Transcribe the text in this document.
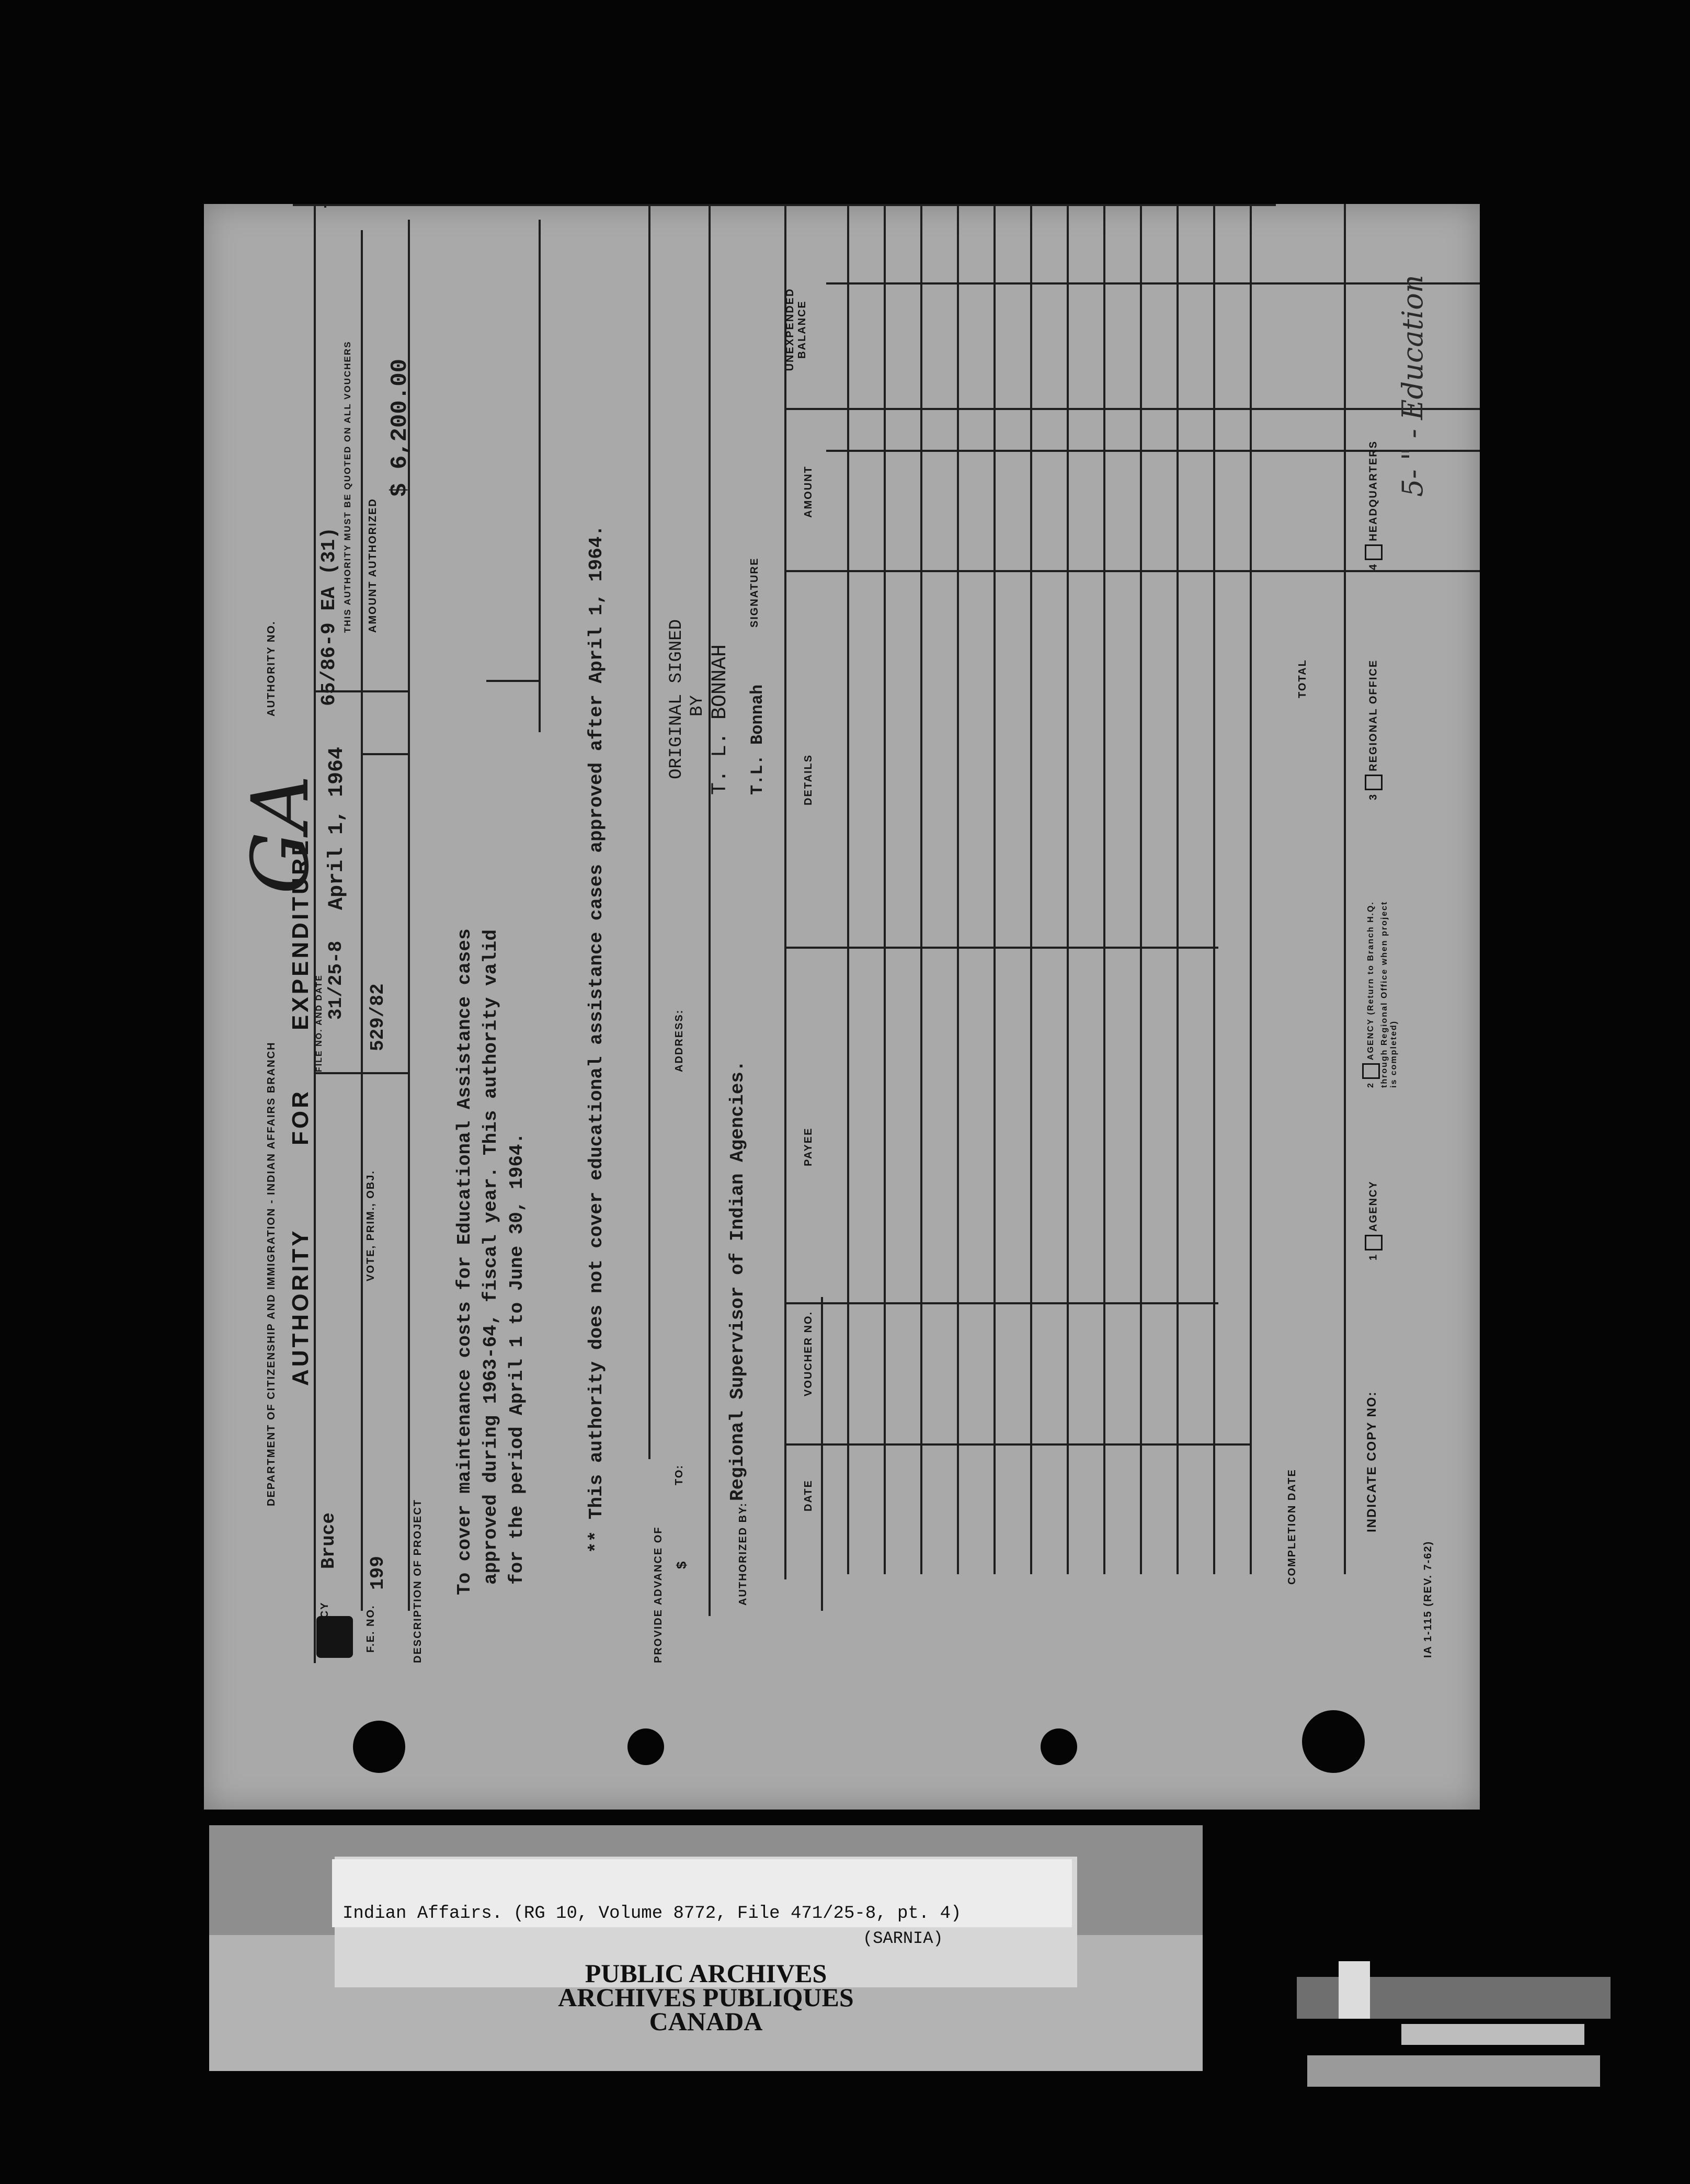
DEPARTMENT OF CITIZENSHIP AND IMMIGRATION - INDIAN AFFAIRS BRANCH AUTHORITY
FOR
EXPENDITURE
AUTHORITY NO.
Bruce
FILE NO. AND DATE 31/25-8
April 1, 1964
65/86-9 EA (31)
F.E. NO.
199
VOTE, PRIM., OBJ.
529/82
THIS AUTHORITY MUST BE QUOTED ON ALL VOUCHERS AMOUNT AUTHORIZED
$ 6,200.00
DESCRIPTION OF PROJECT To cover maintenance costs for Educational Assistance cases approved during 1963-64, fiscal year. This authority valid for the period April 1 to June 30, 1964.	** This authority does not cover educational assistance cases approved after April 1, 1964.
PROVIDE ADVANCE OF $
TO:
ADDRESS:
ORIGINAL SIGNED BY T. L. BONNAH
AUTHORIZED BY:
Regional Supervisor of Indian Agencies.
T.L. Bonnah
SIGNATURE
DATE
VOUCHER NO.
PAYEE
DETAILS
AMOUNT
UNEXPENDED BALANCE
COMPLETION DATE
TOTAL
INDICATE COPY NO:
1AGENCY
2AGENCY (Return to Branch H.Q. through Regional Office when project is completed)
3REGIONAL OFFICE
4HEADQUARTERS 5- " - Education
IA 1-115 (REV. 7-62)
GA
Indian Affairs. (RG 10, Volume 8772, File 471/25-8, pt. 4)
(SARNIA)
PUBLIC ARCHIVES
ARCHIVES PUBLIQUES
CANADA
